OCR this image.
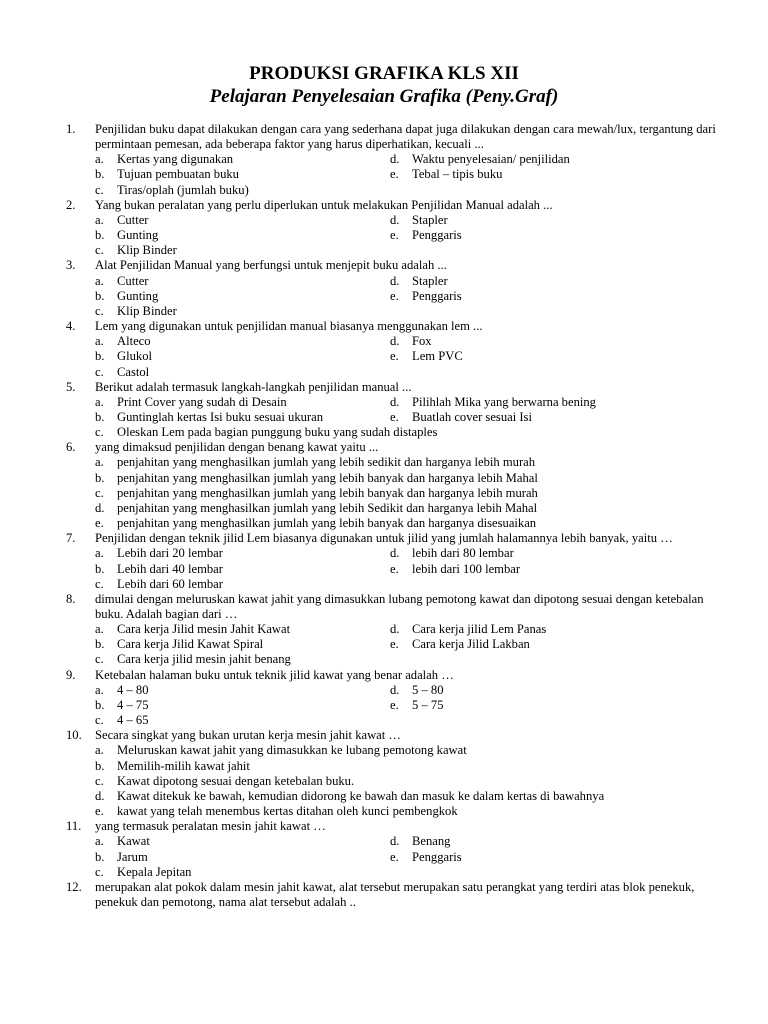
PRODUKSI GRAFIKA KLS XII
Pelajaran Penyelesaian Grafika (Peny.Graf)
1.	Penjilidan buku dapat dilakukan dengan cara yang sederhana dapat juga dilakukan dengan cara mewah/lux, tergantung dari permintaan pemesan, ada beberapa faktor yang harus diperhatikan, kecuali ...
a.	Kertas yang digunakan	d. Waktu penyelesaian/ penjilidan
b. Tujuan pembuatan buku	e.	Tebal – tipis buku
c.	Tiras/oplah (jumlah buku)
2.	Yang bukan peralatan yang perlu diperlukan untuk melakukan Penjilidan Manual adalah ...
a.	Cutter	d. Stapler
b. Gunting	e.	Penggaris
c.	Klip Binder
3.	Alat Penjilidan Manual yang berfungsi untuk menjepit buku adalah ...
a.	Cutter	d. Stapler
b. Gunting	e.	Penggaris
c.	Klip Binder
4.	Lem yang digunakan untuk penjilidan manual biasanya menggunakan lem ...
a.	Alteco	d. Fox
b. Glukol	e.	Lem PVC
c.	Castol
5.	Berikut adalah termasuk langkah-langkah penjilidan manual ...
a.	Print Cover yang sudah di Desain	d. Pilihlah Mika yang berwarna bening
b. Guntinglah kertas Isi buku sesuai ukuran	e.	Buatlah cover sesuai Isi
c.	Oleskan Lem pada bagian punggung buku yang sudah distaples
6.	yang dimaksud penjilidan dengan benang kawat yaitu ...
a.	penjahitan yang menghasilkan jumlah yang lebih sedikit dan harganya lebih murah
b. penjahitan yang menghasilkan jumlah yang lebih banyak dan harganya lebih Mahal
c.	penjahitan yang menghasilkan jumlah yang lebih banyak dan harganya lebih murah
d. penjahitan yang menghasilkan jumlah yang lebih Sedikit dan harganya lebih Mahal
e.	penjahitan yang menghasilkan jumlah yang lebih banyak dan harganya disesuaikan
7.	Penjilidan dengan teknik jilid Lem biasanya digunakan untuk jilid yang jumlah halamannya lebih banyak, yaitu …
a.	Lebih dari 20 lembar	d. lebih dari 80 lembar
b. Lebih dari 40 lembar	e.	lebih dari 100 lembar
c.	Lebih dari 60 lembar
8.	dimulai dengan meluruskan kawat jahit yang dimasukkan lubang pemotong kawat dan dipotong sesuai dengan ketebalan buku. Adalah bagian dari …
a.	Cara kerja Jilid mesin Jahit Kawat	d. Cara kerja jilid Lem Panas
b. Cara kerja Jilid Kawat Spiral	e.	Cara kerja Jilid Lakban
c.	Cara kerja jilid mesin jahit benang
9.	Ketebalan halaman buku untuk teknik jilid kawat yang benar adalah …
a.	4 – 80	d. 5 – 80
b. 4 – 75	e.	5 – 75
c.	4 – 65
10.	Secara singkat yang bukan urutan kerja mesin jahit kawat …
a.	Meluruskan kawat jahit yang dimasukkan ke lubang pemotong kawat
b. Memilih-milih kawat jahit
c.	Kawat dipotong sesuai dengan ketebalan buku.
d. Kawat ditekuk ke bawah, kemudian didorong ke bawah dan masuk ke dalam kertas di bawahnya
e.	kawat yang telah menembus kertas ditahan oleh kunci pembengkok
11.	yang termasuk peralatan mesin jahit kawat …
a.	Kawat	d. Benang
b. Jarum	e.	Penggaris
c.	Kepala Jepitan
12.	merupakan alat pokok dalam mesin jahit kawat, alat tersebut merupakan satu perangkat yang terdiri atas blok penekuk, penekuk dan pemotong, nama alat tersebut adalah ..
